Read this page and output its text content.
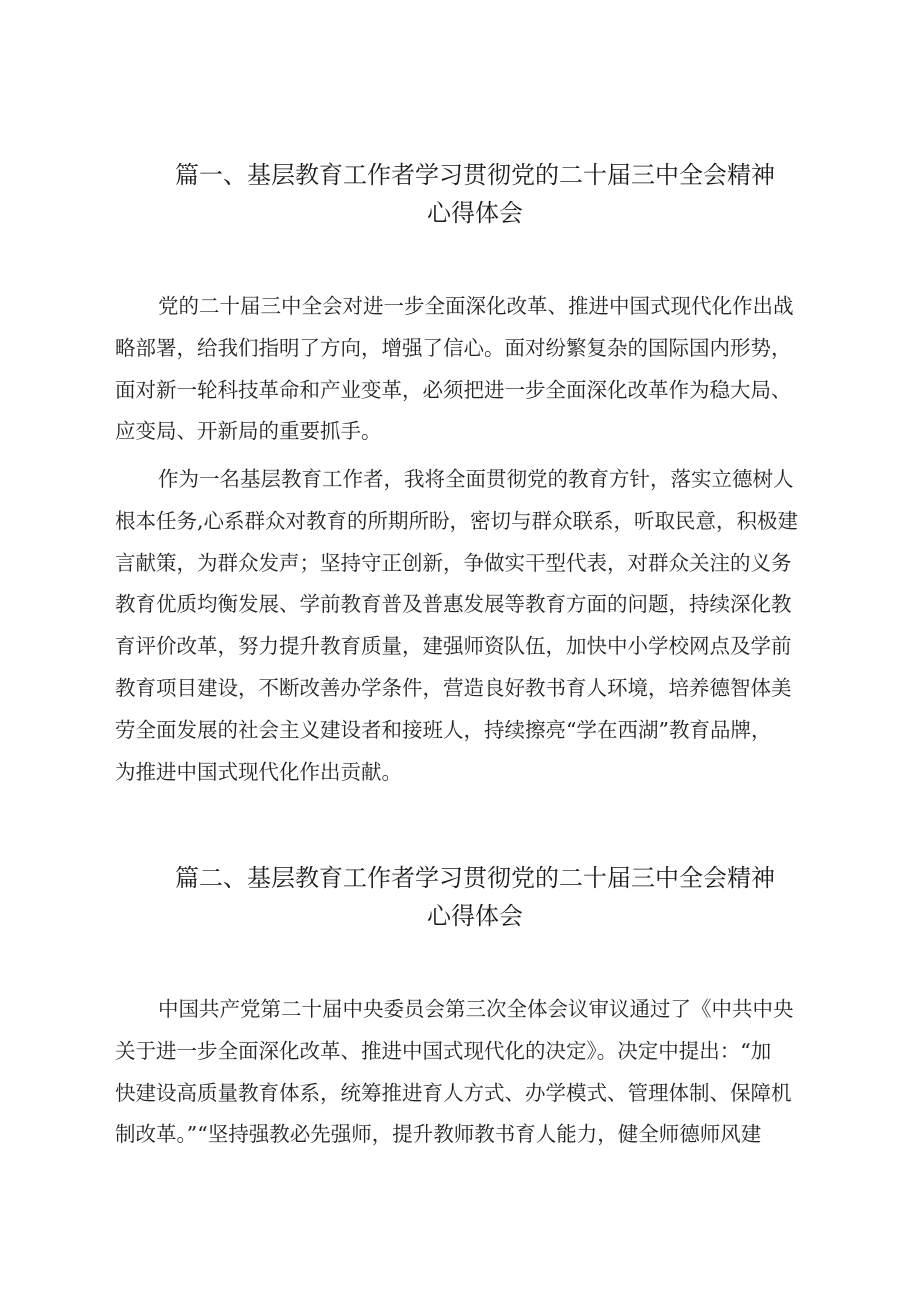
篇一、基层教育工作者学习贯彻党的二十届三中全会精神
心得体会
党的二十届三中全会对进一步全面深化改革、推进中国式现代化作出战
略部署，给我们指明了方向，增强了信心。面对纷繁复杂的国际国内形势，
面对新一轮科技革命和产业变革，必须把进一步全面深化改革作为稳大局、
应变局、开新局的重要抓手。
作为一名基层教育工作者，我将全面贯彻党的教育方针，落实立德树人
根本任务,心系群众对教育的所期所盼，密切与群众联系，听取民意，积极建
言献策，为群众发声；坚持守正创新，争做实干型代表，对群众关注的义务
教育优质均衡发展、学前教育普及普惠发展等教育方面的问题，持续深化教
育评价改革，努力提升教育质量，建强师资队伍，加快中小学校网点及学前
教育项目建设，不断改善办学条件，营造良好教书育人环境，培养德智体美
劳全面发展的社会主义建设者和接班人，持续擦亮“学在西湖”教育品牌，
为推进中国式现代化作出贡献。
篇二、基层教育工作者学习贯彻党的二十届三中全会精神
心得体会
中国共产党第二十届中央委员会第三次全体会议审议通过了《中共中央
关于进一步全面深化改革、推进中国式现代化的决定》。决定中提出：“加
快建设高质量教育体系，统筹推进育人方式、办学模式、管理体制、保障机
制改革。”“坚持强教必先强师，提升教师教书育人能力，健全师德师风建
